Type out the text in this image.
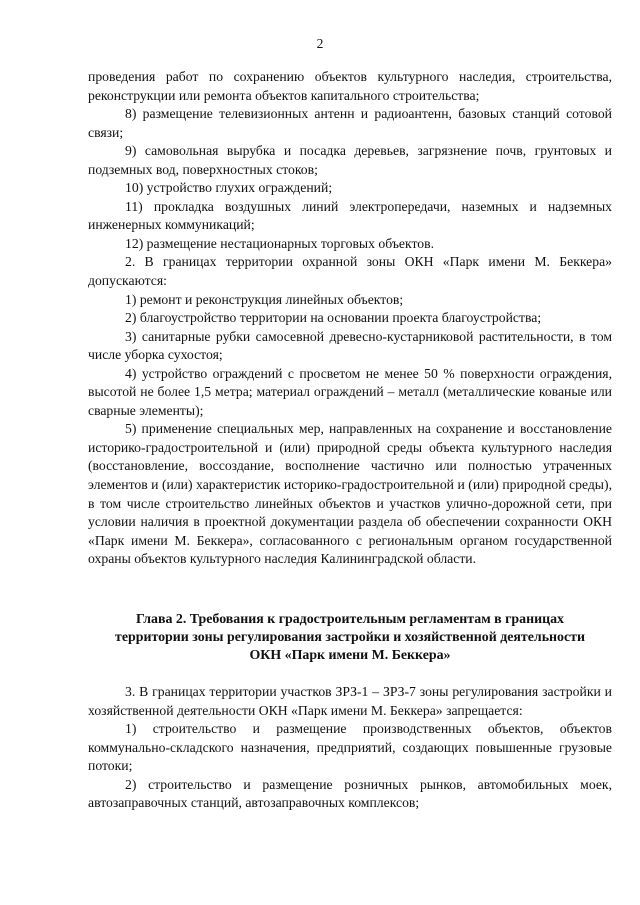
2

проведения работ по сохранению объектов культурного наследия, строительства, реконструкции или ремонта объектов капитального строительства;

8) размещение телевизионных антенн и радиоантенн, базовых станций сотовой связи;

9) самовольная вырубка и посадка деревьев, загрязнение почв, грунтовых и подземных вод, поверхностных стоков;

10) устройство глухих ограждений;

11) прокладка воздушных линий электропередачи, наземных и надземных инженерных коммуникаций;

12) размещение нестационарных торговых объектов.

2. В границах территории охранной зоны ОКН «Парк имени М. Беккера» допускаются:

1) ремонт и реконструкция линейных объектов;

2) благоустройство территории на основании проекта благоустройства;

3) санитарные рубки самосевной древесно-кустарниковой растительности, в том числе уборка сухостоя;

4) устройство ограждений с просветом не менее 50 % поверхности ограждения, высотой не более 1,5 метра; материал ограждений – металл (металлические кованые или сварные элементы);

5) применение специальных мер, направленных на сохранение и восстановление историко-градостроительной и (или) природной среды объекта культурного наследия (восстановление, воссоздание, восполнение частично или полностью утраченных элементов и (или) характеристик историко-градостроительной и (или) природной среды), в том числе строительство линейных объектов и участков улично-дорожной сети, при условии наличия в проектной документации раздела об обеспечении сохранности ОКН «Парк имени М. Беккера», согласованного с региональным органом государственной охраны объектов культурного наследия Калининградской области.

Глава 2. Требования к градостроительным регламентам в границах
территории зоны регулирования застройки и хозяйственной деятельности
ОКН «Парк имени М. Беккера»

3. В границах территории участков ЗРЗ-1 – ЗРЗ-7 зоны регулирования застройки и хозяйственной деятельности ОКН «Парк имени М. Беккера» запрещается:

1) строительство и размещение производственных объектов, объектов коммунально-складского назначения, предприятий, создающих повышенные грузовые потоки;

2) строительство и размещение розничных рынков, автомобильных моек, автозаправочных станций, автозаправочных комплексов;
